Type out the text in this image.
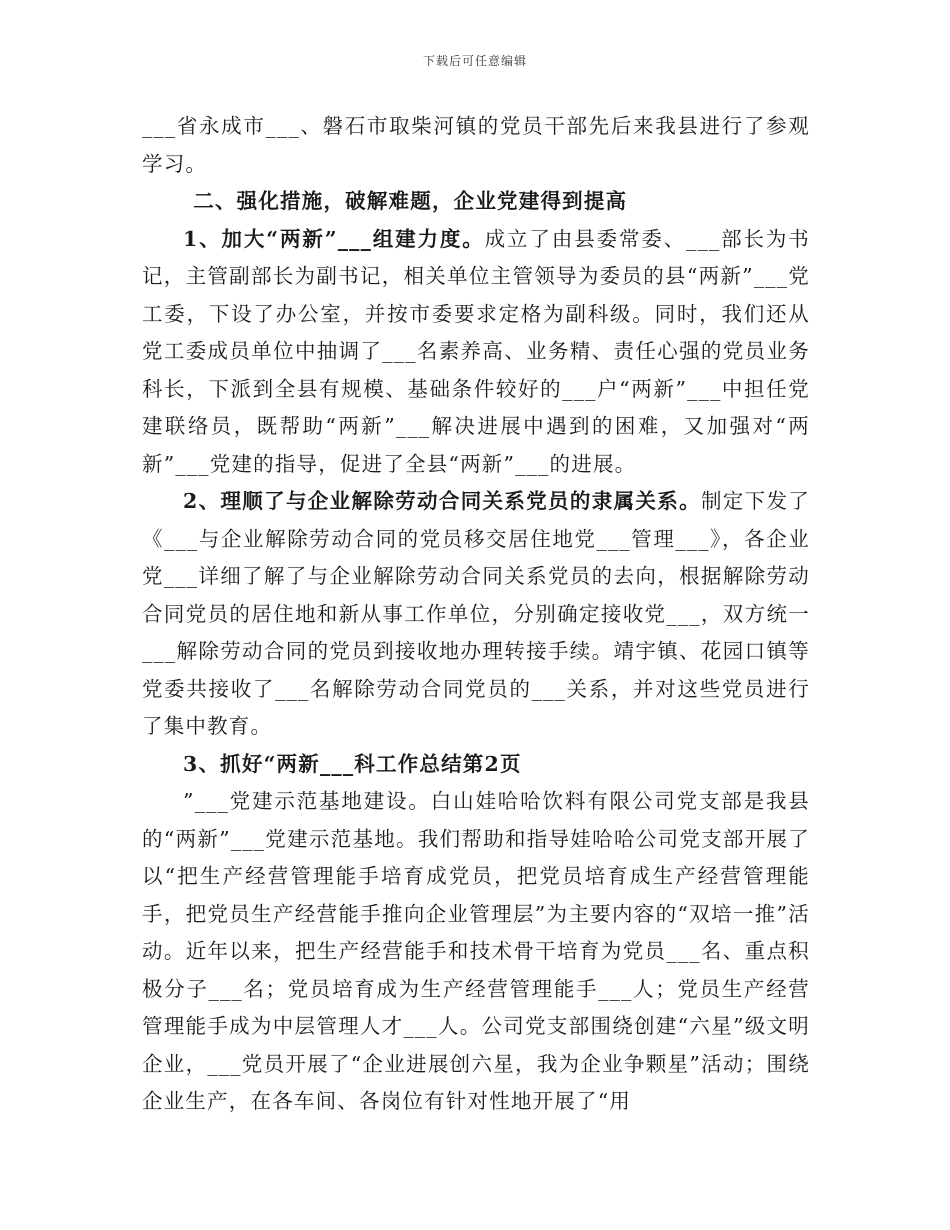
下载后可任意编辑

___省永成市___、磐石市取柴河镇的党员干部先后来我县进行了参观学习。

二、强化措施，破解难题，企业党建得到提高

1、加大“两新”___组建力度。成立了由县委常委、___部长为书记，主管副部长为副书记，相关单位主管领导为委员的县“两新”___党工委，下设了办公室，并按市委要求定格为副科级。同时，我们还从党工委成员单位中抽调了___名素养高、业务精、责任心强的党员业务科长，下派到全县有规模、基础条件较好的___户“两新”___中担任党建联络员，既帮助“两新”___解决进展中遇到的困难，又加强对“两新”___党建的指导，促进了全县“两新”___的进展。

2、理顺了与企业解除劳动合同关系党员的隶属关系。制定下发了《___与企业解除劳动合同的党员移交居住地党___管理___》，各企业党___详细了解了与企业解除劳动合同关系党员的去向，根据解除劳动合同党员的居住地和新从事工作单位，分别确定接收党___，双方统一___解除劳动合同的党员到接收地办理转接手续。靖宇镇、花园口镇等党委共接收了___名解除劳动合同党员的___关系，并对这些党员进行了集中教育。

3、抓好“两新___科工作总结第2页

”___党建示范基地建设。白山娃哈哈饮料有限公司党支部是我县的“两新”___党建示范基地。我们帮助和指导娃哈哈公司党支部开展了以“把生产经营管理能手培育成党员，把党员培育成生产经营管理能手，把党员生产经营能手推向企业管理层”为主要内容的“双培一推”活动。近年以来，把生产经营能手和技术骨干培育为党员___名、重点积极分子___名；党员培育成为生产经营管理能手___人；党员生产经营管理能手成为中层管理人才___人。公司党支部围绕创建“六星”级文明企业，___党员开展了“企业进展创六星，我为企业争颗星”活动；围绕企业生产，在各车间、各岗位有针对性地开展了“用
